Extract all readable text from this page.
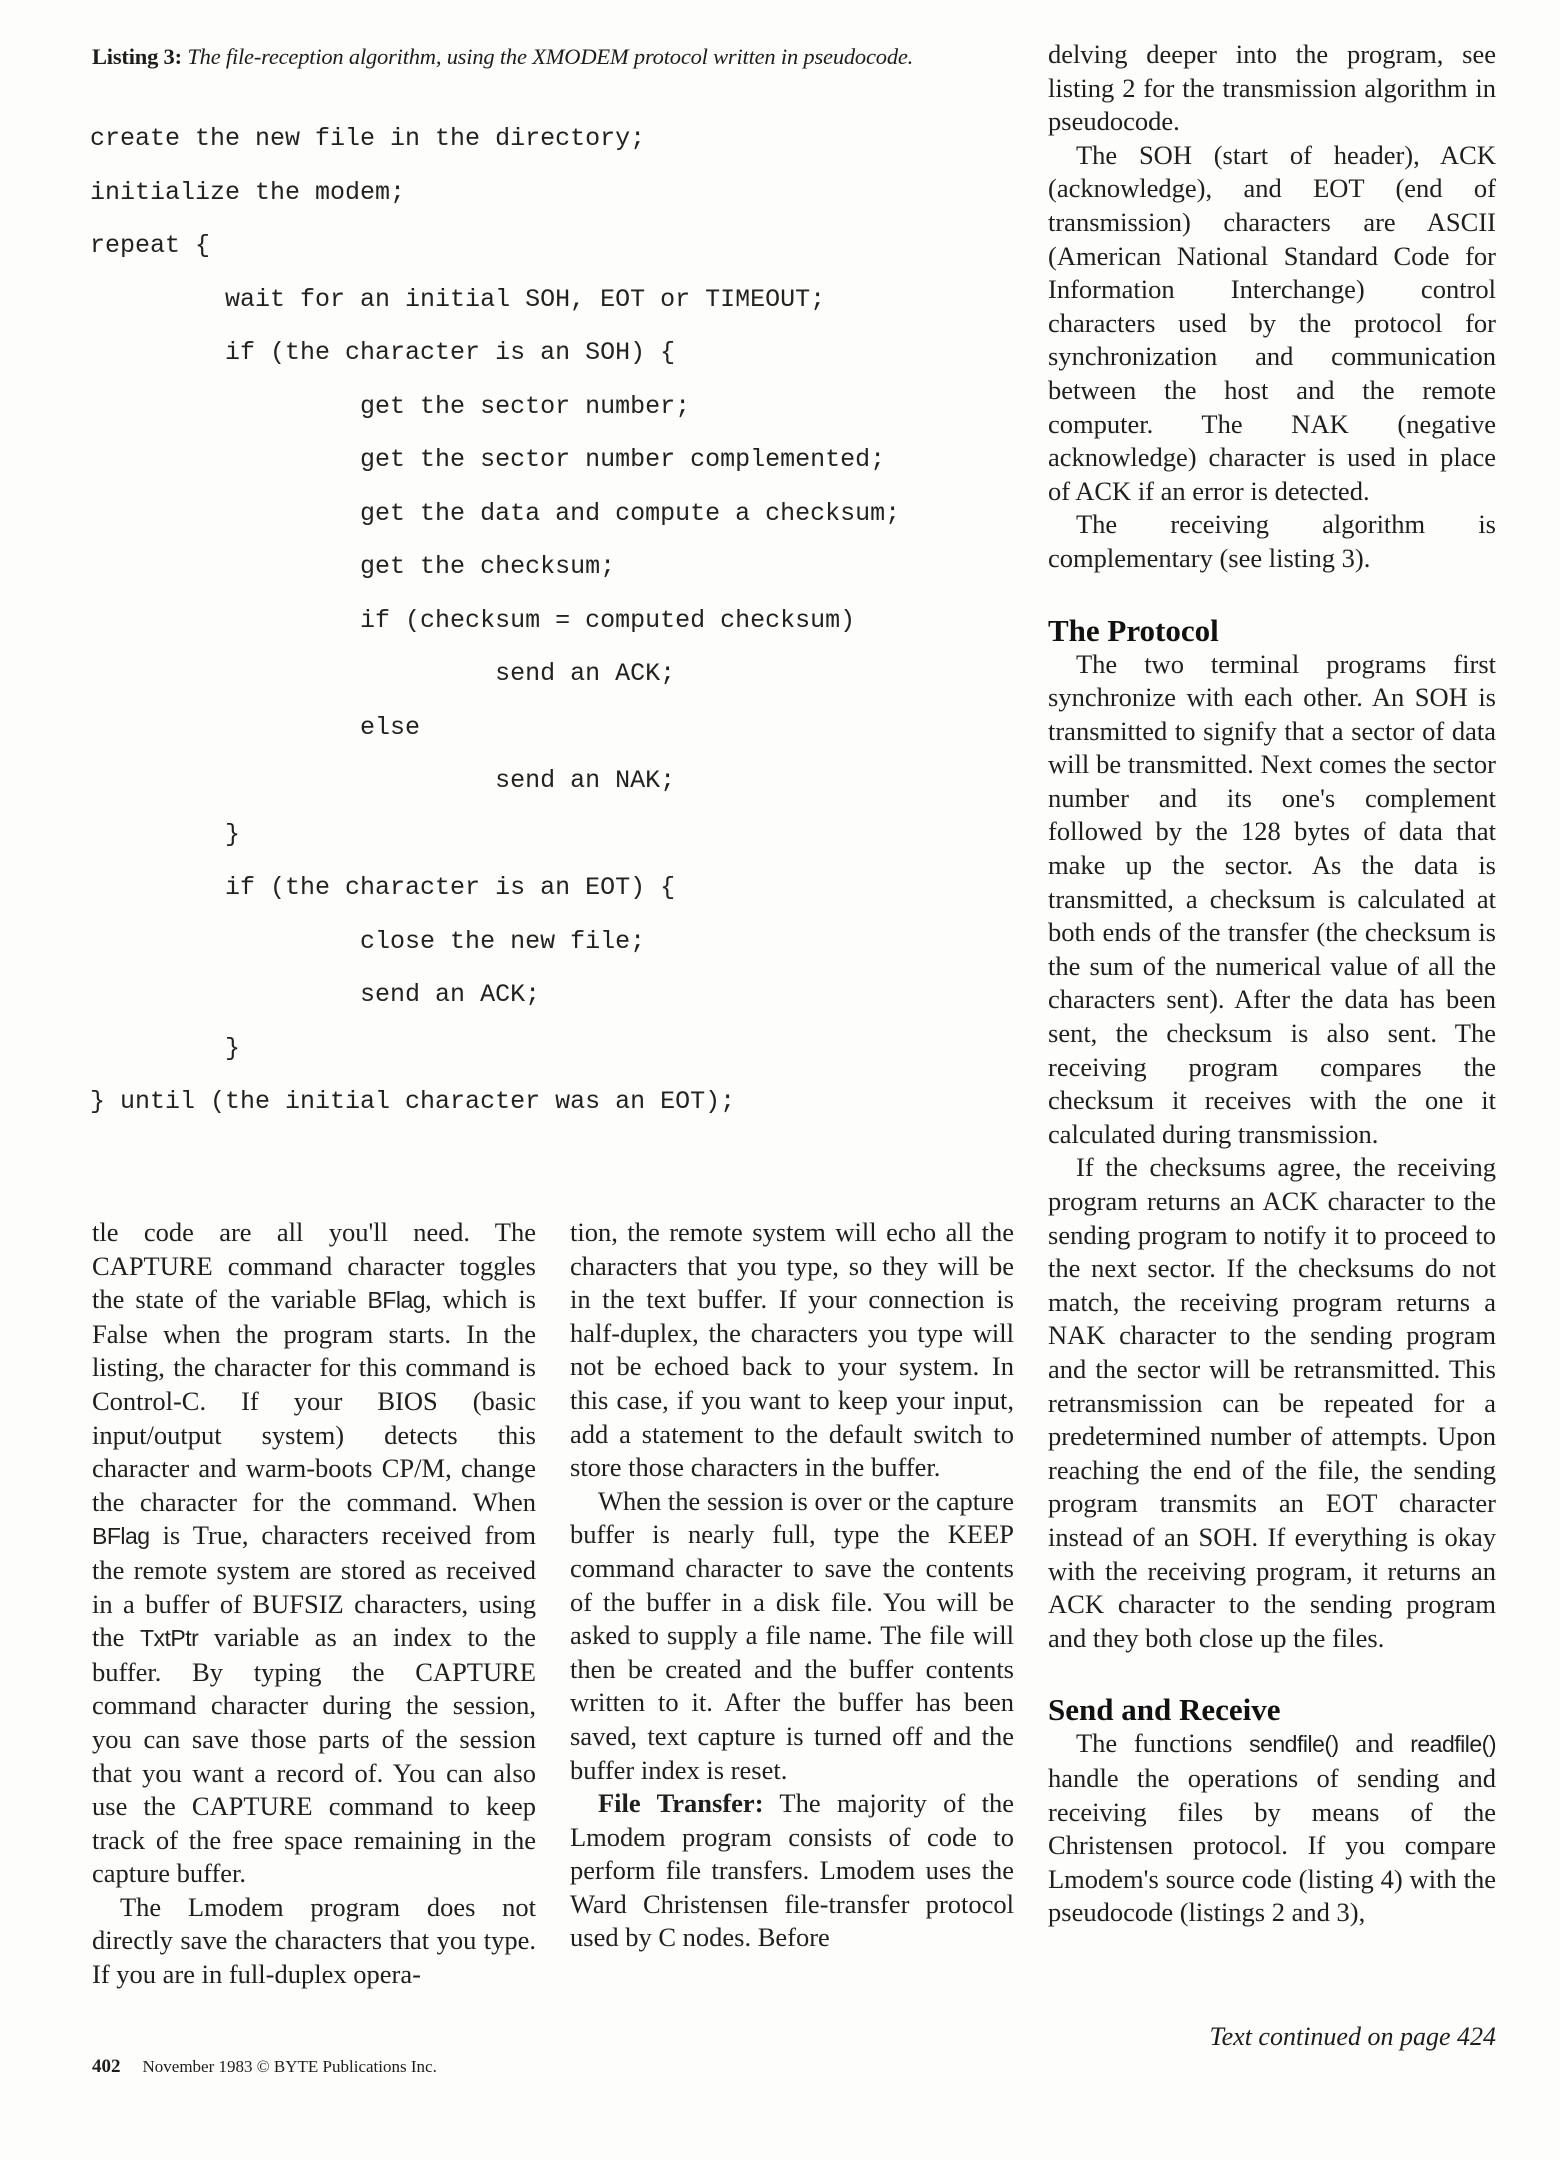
Listing 3: The file-reception algorithm, using the XMODEM protocol written in pseudocode.
create the new file in the directory;
initialize the modem;
repeat {
wait for an initial SOH, EOT or TIMEOUT;
if (the character is an SOH) {
get the sector number;
get the sector number complemented;
get the data and compute a checksum;
get the checksum;
if (checksum = computed checksum)
send an ACK;
else
send an NAK;
}
if (the character is an EOT) {
close the new file;
send an ACK;
}
} until (the initial character was an EOT);

tle code are all you'll need. The CAPTURE command character toggles the state of the variable BFlag, which is False when the program starts. In the listing, the character for this command is Control-C. If your BIOS (basic input/output system) detects this character and warm-boots CP/M, change the character for the command. When BFlag is True, characters received from the remote system are stored as received in a buffer of BUFSIZ characters, using the TxtPtr variable as an index to the buffer. By typing the CAPTURE command character during the session, you can save those parts of the session that you want a record of. You can also use the CAPTURE command to keep track of the free space remaining in the capture buffer.

The Lmodem program does not directly save the characters that you type. If you are in full-duplex opera-

tion, the remote system will echo all the characters that you type, so they will be in the text buffer. If your connection is half-duplex, the characters you type will not be echoed back to your system. In this case, if you want to keep your input, add a statement to the default switch to store those characters in the buffer.

When the session is over or the capture buffer is nearly full, type the KEEP command character to save the contents of the buffer in a disk file. You will be asked to supply a file name. The file will then be created and the buffer contents written to it. After the buffer has been saved, text capture is turned off and the buffer index is reset.

File Transfer: The majority of the Lmodem program consists of code to perform file transfers. Lmodem uses the Ward Christensen file-transfer protocol used by C nodes. Before

delving deeper into the program, see listing 2 for the transmission algorithm in pseudocode.

The SOH (start of header), ACK (acknowledge), and EOT (end of transmission) characters are ASCII (American National Standard Code for Information Interchange) control characters used by the protocol for synchronization and communication between the host and the remote computer. The NAK (negative acknowledge) character is used in place of ACK if an error is detected.

The receiving algorithm is complementary (see listing 3).

The Protocol

The two terminal programs first synchronize with each other. An SOH is transmitted to signify that a sector of data will be transmitted. Next comes the sector number and its one's complement followed by the 128 bytes of data that make up the sector. As the data is transmitted, a checksum is calculated at both ends of the transfer (the checksum is the sum of the numerical value of all the characters sent). After the data has been sent, the checksum is also sent. The receiving program compares the checksum it receives with the one it calculated during transmission.

If the checksums agree, the receiving program returns an ACK character to the sending program to notify it to proceed to the next sector. If the checksums do not match, the receiving program returns a NAK character to the sending program and the sector will be retransmitted. This retransmission can be repeated for a predetermined number of attempts. Upon reaching the end of the file, the sending program transmits an EOT character instead of an SOH. If everything is okay with the receiving program, it returns an ACK character to the sending program and they both close up the files.

Send and Receive

The functions sendfile() and readfile() handle the operations of sending and receiving files by means of the Christensen protocol. If you compare Lmodem's source code (listing 4) with the pseudocode (listings 2 and 3),

Text continued on page 424
402 November 1983 © BYTE Publications Inc.
